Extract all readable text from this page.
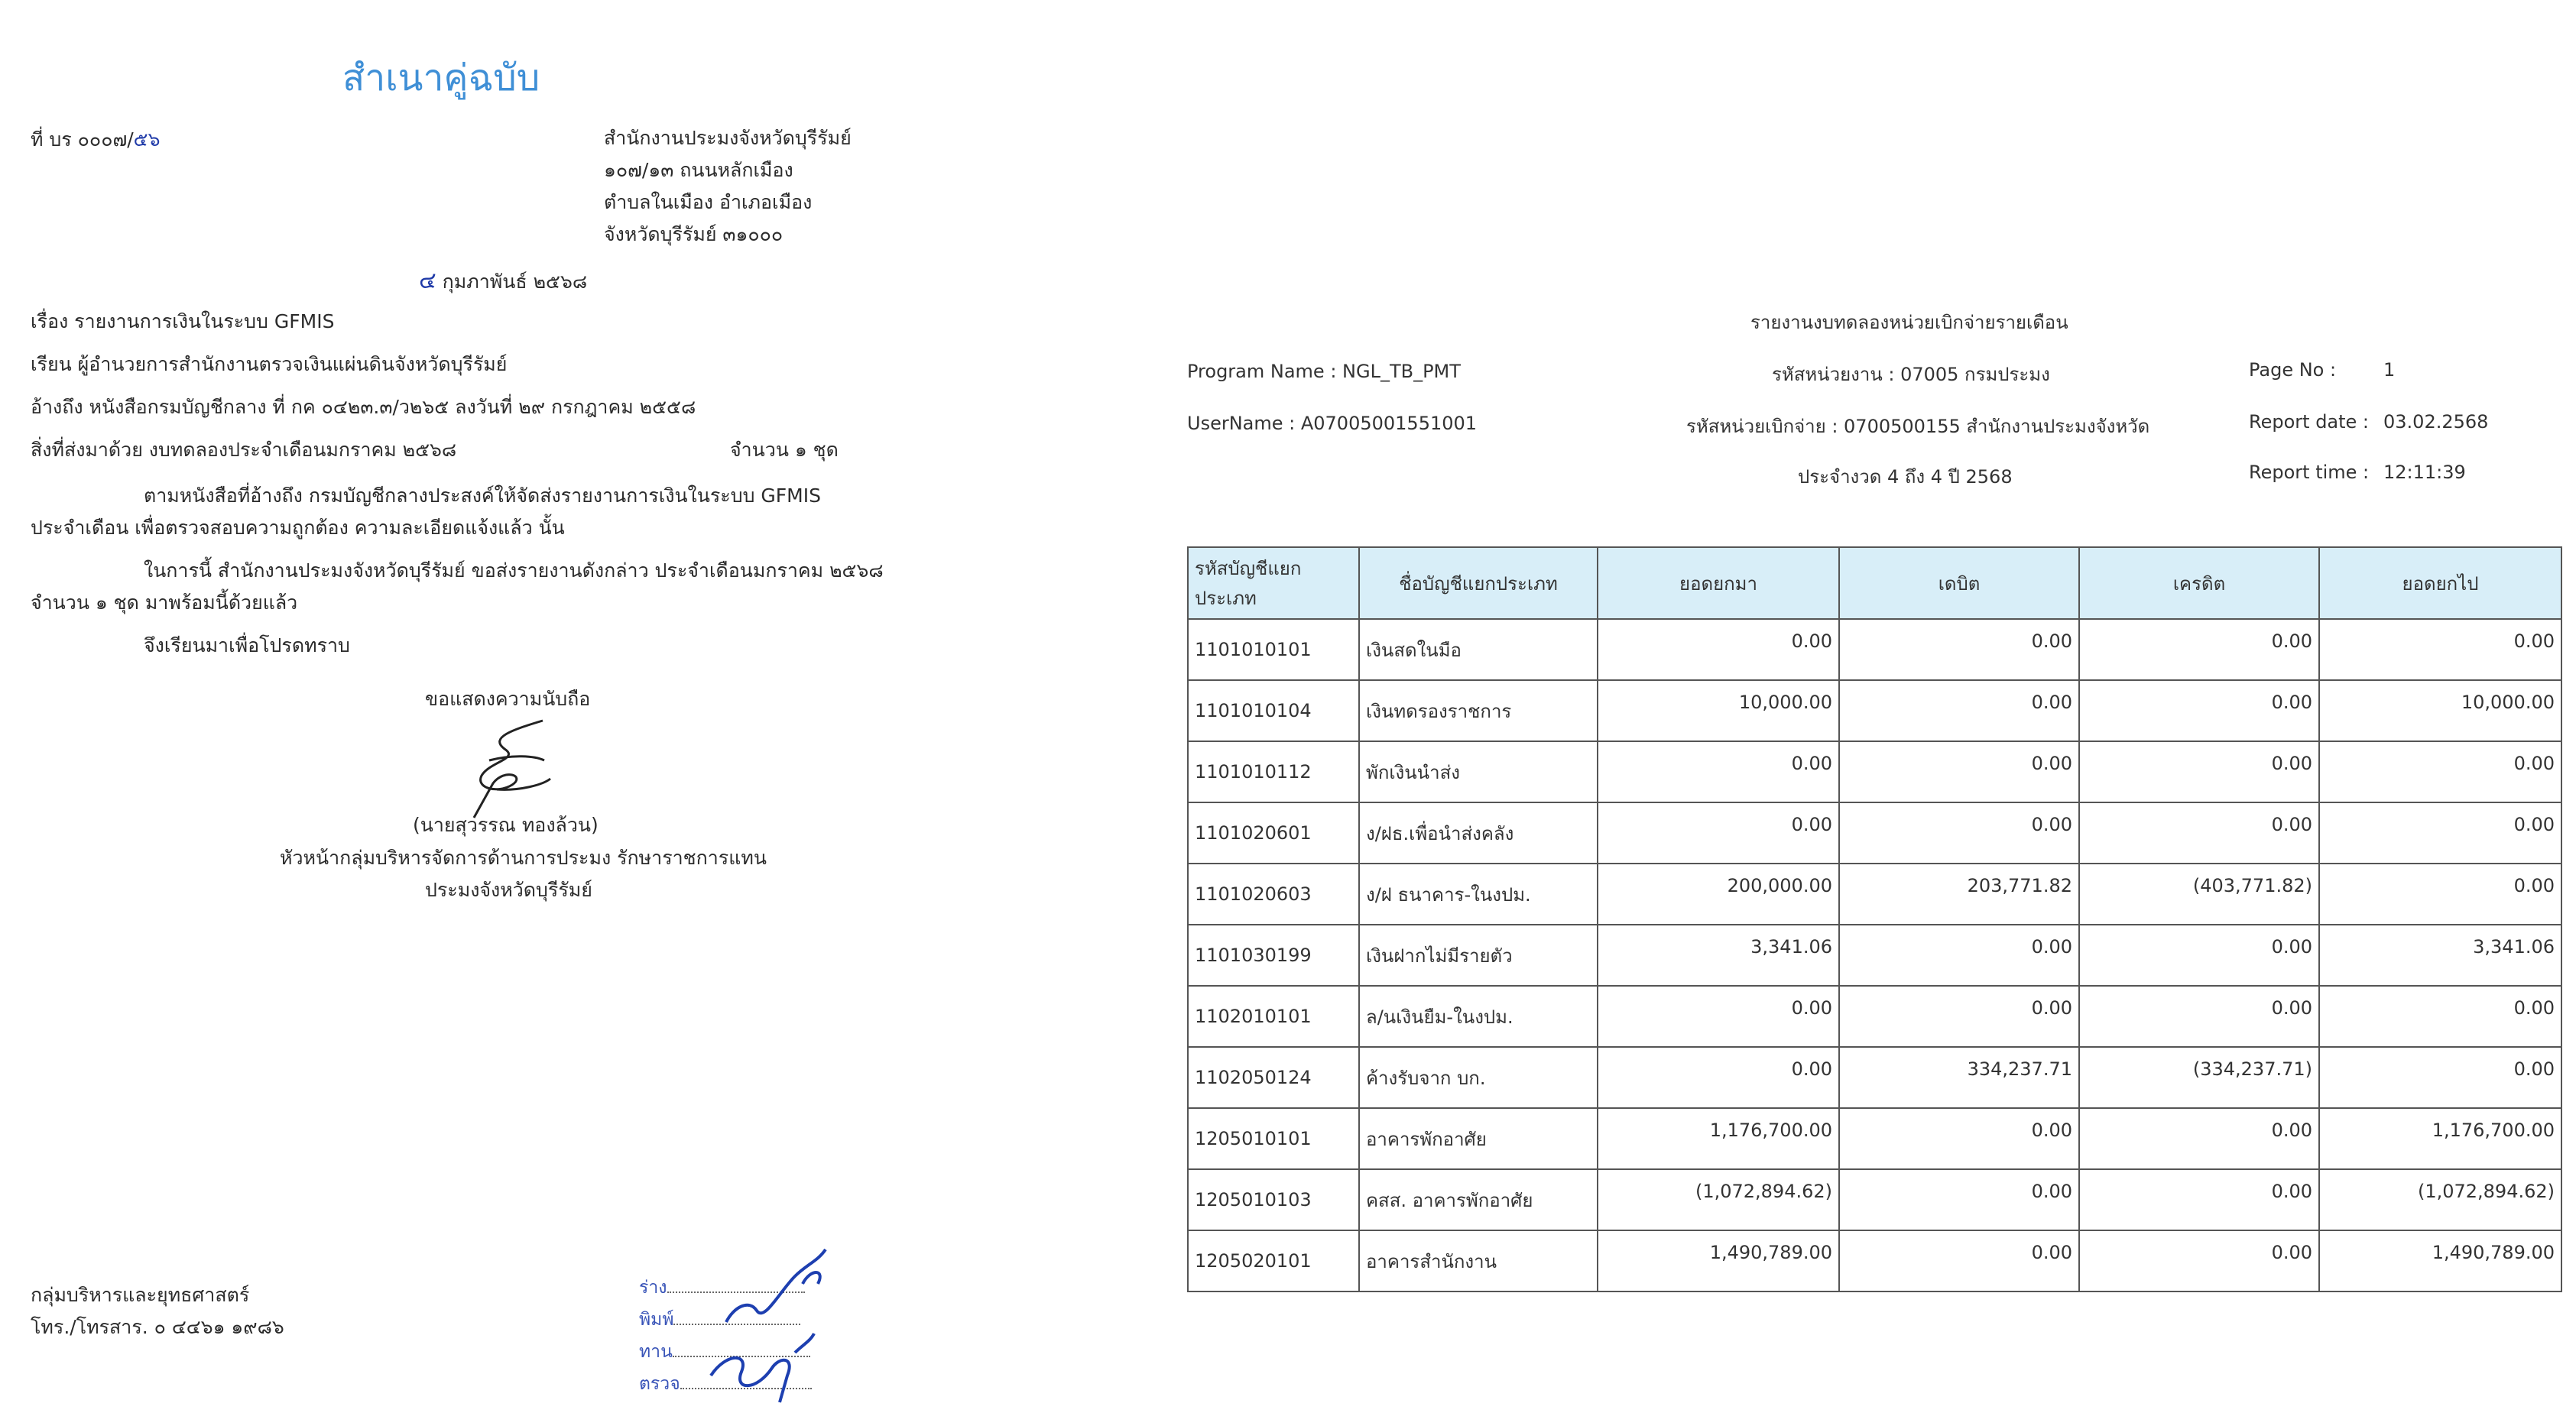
สำเนาคู่ฉบับ
ที่ บร ๐๐๐๗/๕๖	สำนักงานประมงจังหวัดบุรีรัมย์
๑๐๗/๑๓ ถนนหลักเมือง
ตำบลในเมือง อำเภอเมือง
จังหวัดบุรีรัมย์ ๓๑๐๐๐
๔ กุมภาพันธ์ ๒๕๖๘
เรื่อง รายงานการเงินในระบบ GFMIS
เรียน ผู้อำนวยการสำนักงานตรวจเงินแผ่นดินจังหวัดบุรีรัมย์
อ้างถึง หนังสือกรมบัญชีกลาง ที่ กค ๐๔๒๓.๓/ว๒๖๕ ลงวันที่ ๒๙ กรกฎาคม ๒๕๕๘
สิ่งที่ส่งมาด้วย งบทดลองประจำเดือนมกราคม ๒๕๖๘	จำนวน ๑ ชุด
ตามหนังสือที่อ้างถึง กรมบัญชีกลางประสงค์ให้จัดส่งรายงานการเงินในระบบ GFMIS
ประจำเดือน เพื่อตรวจสอบความถูกต้อง ความละเอียดแจ้งแล้ว นั้น
ในการนี้ สำนักงานประมงจังหวัดบุรีรัมย์ ขอส่งรายงานดังกล่าว ประจำเดือนมกราคม ๒๕๖๘
จำนวน ๑ ชุด มาพร้อมนี้ด้วยแล้ว
จึงเรียนมาเพื่อโปรดทราบ
ขอแสดงความนับถือ
(นายสุวรรณ ทองล้วน)
หัวหน้ากลุ่มบริหารจัดการด้านการประมง รักษาราชการแทน
ประมงจังหวัดบุรีรัมย์
กลุ่มบริหารและยุทธศาสตร์
โทร./โทรสาร. ๐ ๔๔๖๑ ๑๙๘๖
ร่าง
พิมพ์
ทาน
ตรวจ
รายงานงบทดลองหน่วยเบิกจ่ายรายเดือน
Program Name : NGL_TB_PMT
UserName : A07005001551001
รหัสหน่วยงาน : 07005 กรมประมง
รหัสหน่วยเบิกจ่าย : 0700500155 สำนักงานประมงจังหวัด
ประจำงวด 4 ถึง 4 ปี 2568
Page No :	1
Report date : 03.02.2568
Report time : 12:11:39
รหัสบัญชีแยกประเภท	ชื่อบัญชีแยกประเภท	ยอดยกมา	เดบิต	เครดิต	ยอดยกไป
1101010101	เงินสดในมือ	0.00	0.00	0.00	0.00
1101010104	เงินทดรองราชการ	10,000.00	0.00	0.00	10,000.00
1101010112	พักเงินนำส่ง	0.00	0.00	0.00	0.00
1101020601	ง/ฝธ.เพื่อนำส่งคลัง	0.00	0.00	0.00	0.00
1101020603	ง/ฝ ธนาคาร-ในงปม.	200,000.00	203,771.82	(403,771.82)	0.00
1101030199	เงินฝากไม่มีรายตัว	3,341.06	0.00	0.00	3,341.06
1102010101	ล/นเงินยืม-ในงปม.	0.00	0.00	0.00	0.00
1102050124	ค้างรับจาก บก.	0.00	334,237.71	(334,237.71)	0.00
1205010101	อาคารพักอาศัย	1,176,700.00	0.00	0.00	1,176,700.00
1205010103	คสส. อาคารพักอาศัย	(1,072,894.62)	0.00	0.00	(1,072,894.62)
1205020101	อาคารสำนักงาน	1,490,789.00	0.00	0.00	1,490,789.00
